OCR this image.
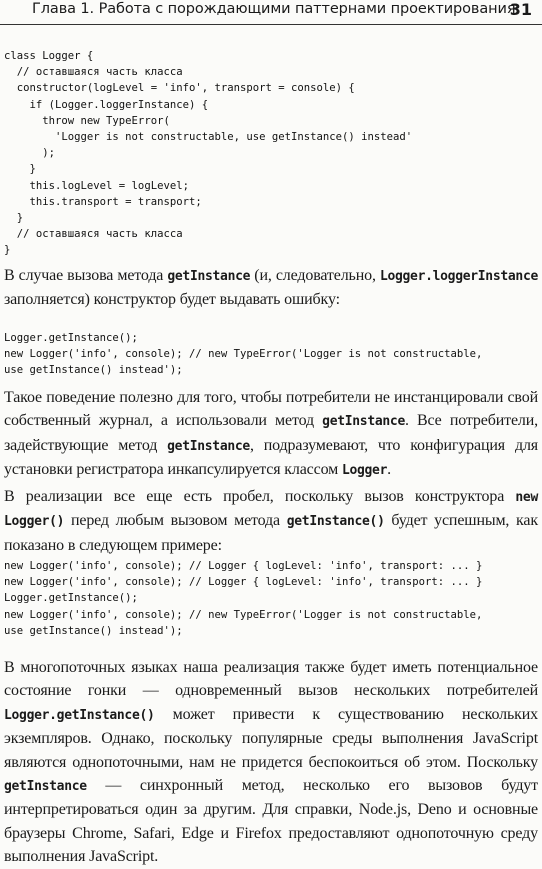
Глава 1. Работа с порождающими паттернами проектирования
31
class Logger {
// оставшаяся часть класса
constructor(logLevel = 'info', transport = console) {
if (Logger.loggerInstance) {
throw new TypeError(
'Logger is not constructable, use getInstance() instead'
);
}
this.logLevel = logLevel;
this.transport = transport;
}
// оставшаяся часть класса
}

В случае вызова метода getInstance (и, следовательно, Logger.loggerInstance заполняется) конструктор будет выдавать ошибку:

Logger.getInstance();
new Logger('info', console); // new TypeError('Logger is not constructable,
use getInstance() instead');

Такое поведение полезно для того, чтобы потребители не инстанцировали свой собственный журнал, а использовали метод getInstance. Все потребители, задействующие метод getInstance, подразумевают, что конфигурация для установки регистратора инкапсулируется классом Logger.

В реализации все еще есть пробел, поскольку вызов конструктора new Logger() перед любым вызовом метода getInstance() будет успешным, как показано в следующем примере:

new Logger('info', console); // Logger { logLevel: 'info', transport: ... }
new Logger('info', console); // Logger { logLevel: 'info', transport: ... }
Logger.getInstance();
new Logger('info', console); // new TypeError('Logger is not constructable,
use getInstance() instead');

В многопоточных языках наша реализация также будет иметь потенциальное состояние гонки — одновременный вызов нескольких потребителей Logger.getInstance() может привести к существованию нескольких экземпляров. Однако, поскольку популярные среды выполнения JavaScript являются однопоточными, нам не придется беспокоиться об этом. Поскольку getInstance — синхронный метод, несколько его вызовов будут интерпретироваться один за другим. Для справки, Node.js, Deno и основные браузеры Chrome, Safari, Edge и Firefox предоставляют однопоточную среду выполнения JavaScript.
